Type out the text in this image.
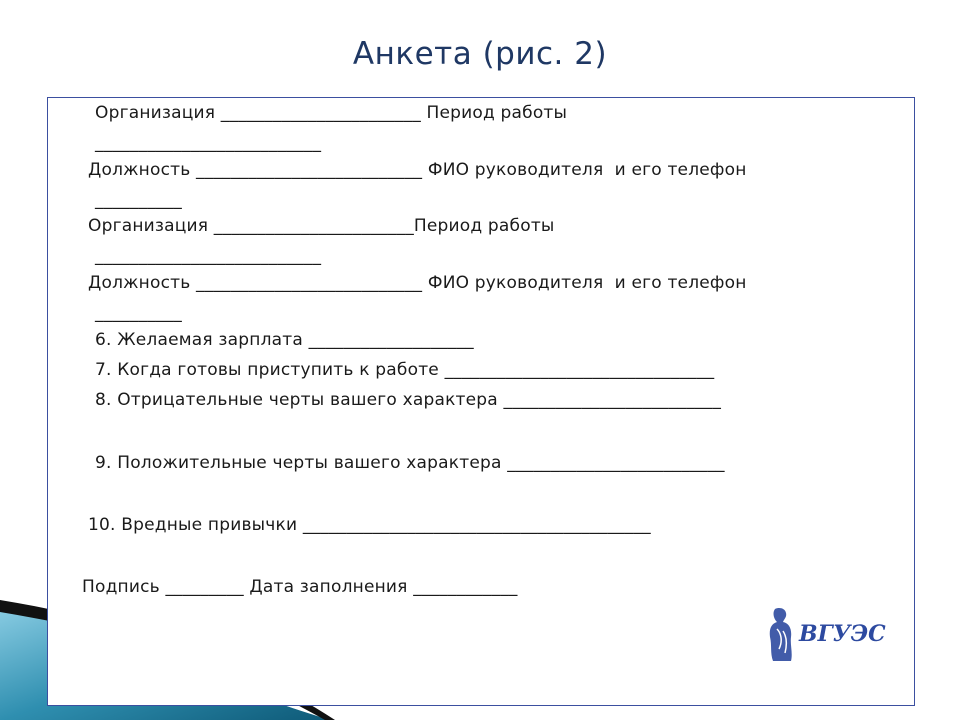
Анкета (рис. 2)
Организация _______________________ Период работы
__________________________
Должность __________________________ ФИО руководителя  и его телефон
__________
Организация _______________________Период работы
__________________________
Должность __________________________ ФИО руководителя  и его телефон
__________
6. Желаемая зарплата ___________________
7. Когда готовы приступить к работе _______________________________
8. Отрицательные черты вашего характера _________________________
9. Положительные черты вашего характера _________________________
10. Вредные привычки ________________________________________
Подпись _________ Дата заполнения ____________
ВГУЭС
